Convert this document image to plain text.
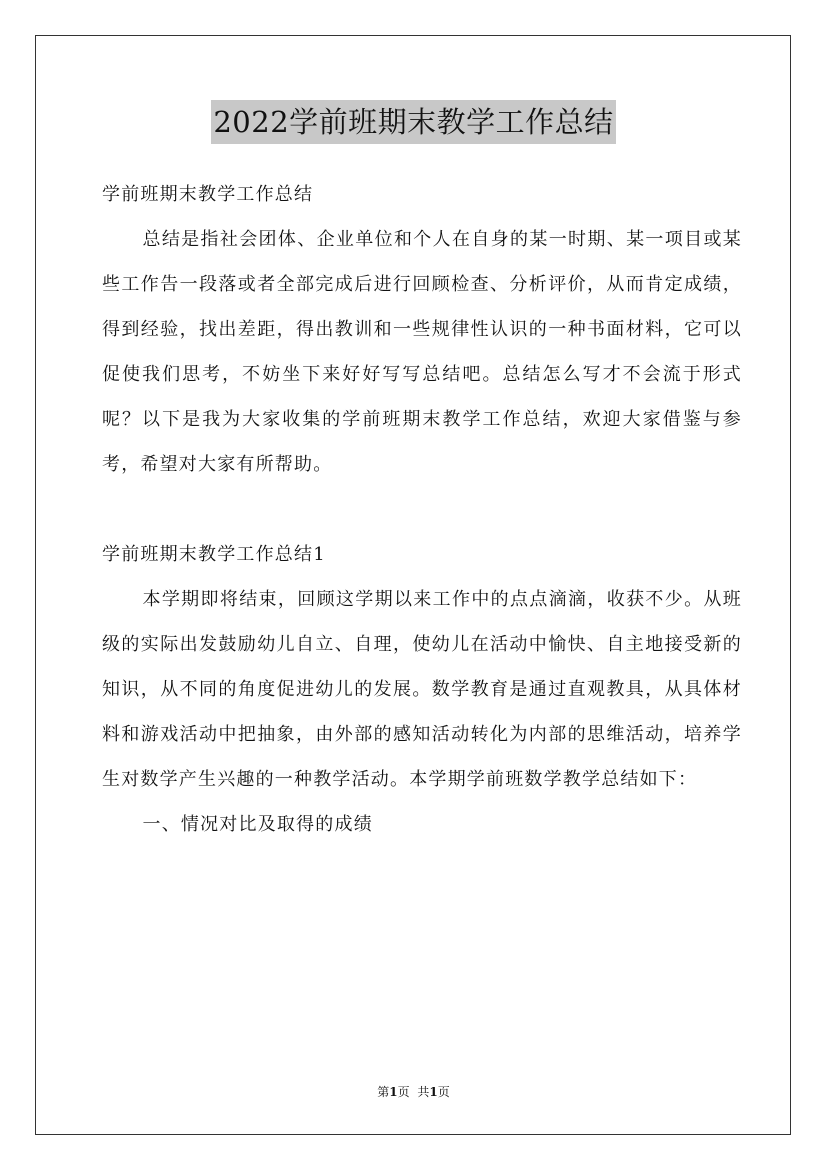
2022学前班期末教学工作总结

学前班期末教学工作总结

总结是指社会团体、企业单位和个人在自身的某一时期、某一项目或某些工作告一段落或者全部完成后进行回顾检查、分析评价，从而肯定成绩，得到经验，找出差距，得出教训和一些规律性认识的一种书面材料，它可以促使我们思考，不妨坐下来好好写写总结吧。总结怎么写才不会流于形式呢？以下是我为大家收集的学前班期末教学工作总结，欢迎大家借鉴与参考，希望对大家有所帮助。

学前班期末教学工作总结1

本学期即将结束，回顾这学期以来工作中的点点滴滴，收获不少。从班级的实际出发鼓励幼儿自立、自理，使幼儿在活动中愉快、自主地接受新的知识，从不同的角度促进幼儿的发展。数学教育是通过直观教具，从具体材料和游戏活动中把抽象，由外部的感知活动转化为内部的思维活动，培养学生对数学产生兴趣的一种教学活动。本学期学前班数学教学总结如下：

一、情况对比及取得的成绩

第1页 共1页
